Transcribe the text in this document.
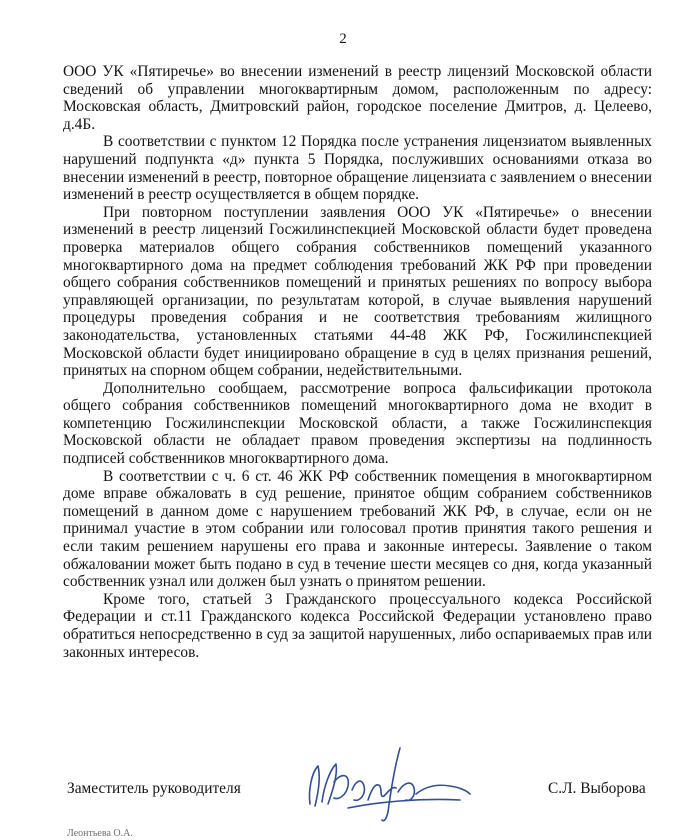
2

ООО УК «Пятиречье» во внесении изменений в реестр лицензий Московской области сведений об управлении многоквартирным домом, расположенным по адресу: Московская область, Дмитровский район, городское поселение Дмитров, д. Целеево, д.4Б.

В соответствии с пунктом 12 Порядка после устранения лицензиатом выявленных нарушений подпункта «д» пункта 5 Порядка, послуживших основаниями отказа во внесении изменений в реестр, повторное обращение лицензиата с заявлением о внесении изменений в реестр осуществляется в общем порядке.

При повторном поступлении заявления ООО УК «Пятиречье» о внесении изменений в реестр лицензий Госжилинспекцией Московской области будет проведена проверка материалов общего собрания собственников помещений указанного многоквартирного дома на предмет соблюдения требований ЖК РФ при проведении общего собрания собственников помещений и принятых решениях по вопросу выбора управляющей организации, по результатам которой, в случае выявления нарушений процедуры проведения собрания и не соответствия требованиям жилищного законодательства, установленных статьями 44-48 ЖК РФ, Госжилинспекцией Московской области будет инициировано обращение в суд в целях признания решений, принятых на спорном общем собрании, недействительными.

Дополнительно сообщаем, рассмотрение вопроса фальсификации протокола общего собрания собственников помещений многоквартирного дома не входит в компетенцию Госжилинспекции Московской области, а также Госжилинспекция Московской области не обладает правом проведения экспертизы на подлинность подписей собственников многоквартирного дома.

В соответствии с ч. 6 ст. 46 ЖК РФ собственник помещения в многоквартирном доме вправе обжаловать в суд решение, принятое общим собранием собственников помещений в данном доме с нарушением требований ЖК РФ, в случае, если он не принимал участие в этом собрании или голосовал против принятия такого решения и если таким решением нарушены его права и законные интересы. Заявление о таком обжаловании может быть подано в суд в течение шести месяцев со дня, когда указанный собственник узнал или должен был узнать о принятом решении.

Кроме того, статьей 3 Гражданского процессуального кодекса Российской Федерации и ст.11 Гражданского кодекса Российской Федерации установлено право обратиться непосредственно в суд за защитой нарушенных, либо оспариваемых прав или законных интересов.

Заместитель руководителя	С.Л. Выборова
Леонтьева О.А.
